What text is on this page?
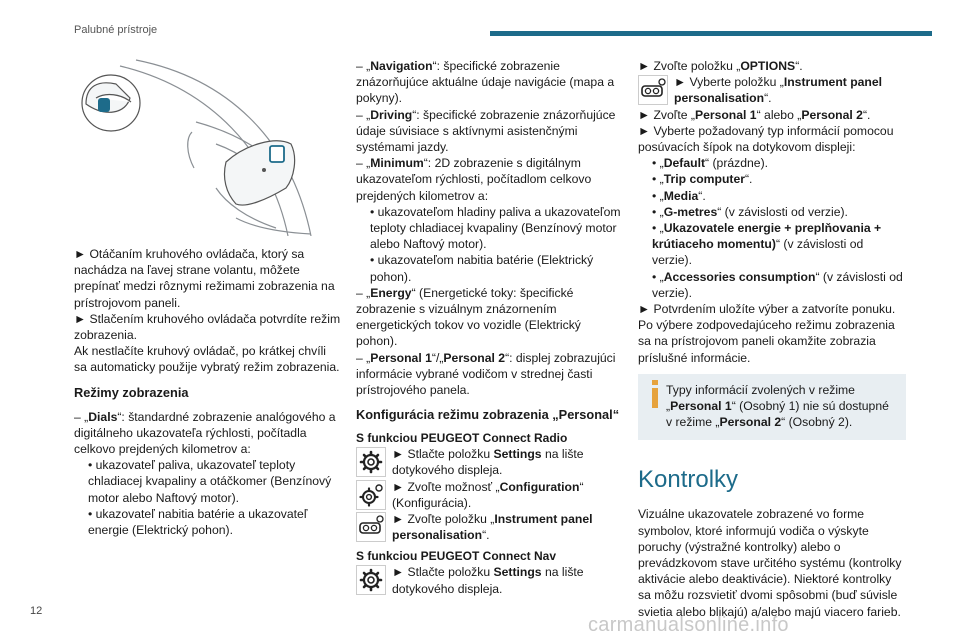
Palubné prístroje
► Otáčaním kruhového ovládača, ktorý sa nachádza na ľavej strane volantu, môžete prepínať medzi rôznymi režimami zobrazenia na prístrojovom paneli.
► Stlačením kruhového ovládača potvrdíte režim zobrazenia.
Ak nestlačíte kruhový ovládač, po krátkej chvíli sa automaticky použije vybratý režim zobrazenia.
Režimy zobrazenia
– „Dials“: štandardné zobrazenie analógového a digitálneho ukazovateľa rýchlosti, počítadla celkovo prejdených kilometrov a:
• ukazovateľ paliva, ukazovateľ teploty chladiacej kvapaliny a otáčkomer (Benzínový motor alebo Naftový motor).
• ukazovateľ nabitia batérie a ukazovateľ energie (Elektrický pohon).
– „Navigation“: špecifické zobrazenie znázorňujúce aktuálne údaje navigácie (mapa a pokyny).
– „Driving“: špecifické zobrazenie znázorňujúce údaje súvisiace s aktívnymi asistenčnými systémami jazdy.
– „Minimum“: 2D zobrazenie s digitálnym ukazovateľom rýchlosti, počítadlom celkovo prejdených kilometrov a:
• ukazovateľom hladiny paliva a ukazovateľom teploty chladiacej kvapaliny (Benzínový motor alebo Naftový motor).
• ukazovateľom nabitia batérie (Elektrický pohon).
– „Energy“ (Energetické toky: špecifické zobrazenie s vizuálnym znázornením energetických tokov vo vozidle (Elektrický pohon).
– „Personal 1“/„Personal 2“: displej zobrazujúci informácie vybrané vodičom v strednej časti prístrojového panela.
Konfigurácia režimu zobrazenia „Personal“
S funkciou PEUGEOT Connect Radio
► Stlačte položku Settings na lište dotykového displeja.
► Zvoľte možnosť „Configuration“ (Konfigurácia).
► Zvoľte položku „Instrument panel personalisation“.
S funkciou PEUGEOT Connect Nav
► Stlačte položku Settings na lište dotykového displeja.
► Zvoľte položku „OPTIONS“.
► Vyberte položku „Instrument panel personalisation“.
► Zvoľte „Personal 1“ alebo „Personal 2“.
► Vyberte požadovaný typ informácií pomocou posúvacích šípok na dotykovom displeji:
• „Default“ (prázdne).
• „Trip computer“.
• „Media“.
• „G-metres“ (v závislosti od verzie).
• „Ukazovatele energie + preplňovania + krútiaceho momentu)“ (v závislosti od verzie).
• „Accessories consumption“ (v závislosti od verzie).
► Potvrdením uložíte výber a zatvoríte ponuku.
Po výbere zodpovedajúceho režimu zobrazenia sa na prístrojovom paneli okamžite zobrazia príslušné informácie.
Typy informácií zvolených v režime „Personal 1“ (Osobný 1) nie sú dostupné v režime „Personal 2“ (Osobný 2).
Kontrolky
Vizuálne ukazovatele zobrazené vo forme symbolov, ktoré informujú vodiča o výskyte poruchy (výstražné kontrolky) alebo o prevádzkovom stave určitého systému (kontrolky aktivácie alebo deaktivácie). Niektoré kontrolky sa môžu rozsvietiť dvomi spôsobmi (buď súvisle svietia alebo blikajú) a/alebo majú viacero farieb.
12
carmanualsonline.info
